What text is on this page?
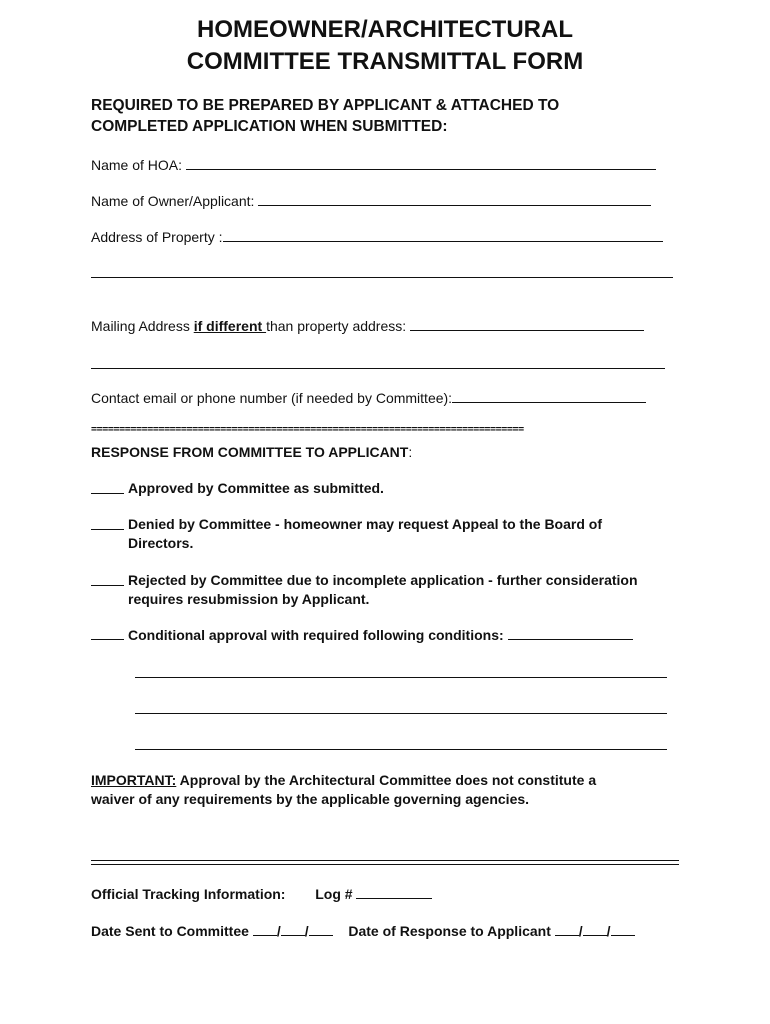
HOMEOWNER/ARCHITECTURAL
COMMITTEE TRANSMITTAL FORM
REQUIRED TO BE PREPARED BY APPLICANT & ATTACHED TO
COMPLETED APPLICATION WHEN SUBMITTED:
Name of HOA:
Name of Owner/Applicant:
Address of Property :
Mailing Address if different than property address:
Contact email or phone number (if needed by Committee):
=============================================================================
RESPONSE FROM COMMITTEE TO APPLICANT:
Approved by Committee as submitted.
Denied by Committee - homeowner may request Appeal to the Board of
Directors.
Rejected by Committee due to incomplete application - further consideration
requires resubmission by Applicant.
Conditional approval with required following conditions:
IMPORTANT: Approval by the Architectural Committee does not constitute a
waiver of any requirements by the applicable governing agencies.
Official Tracking Information: Log #
Date Sent to Committee / /	Date of Response to Applicant / /
